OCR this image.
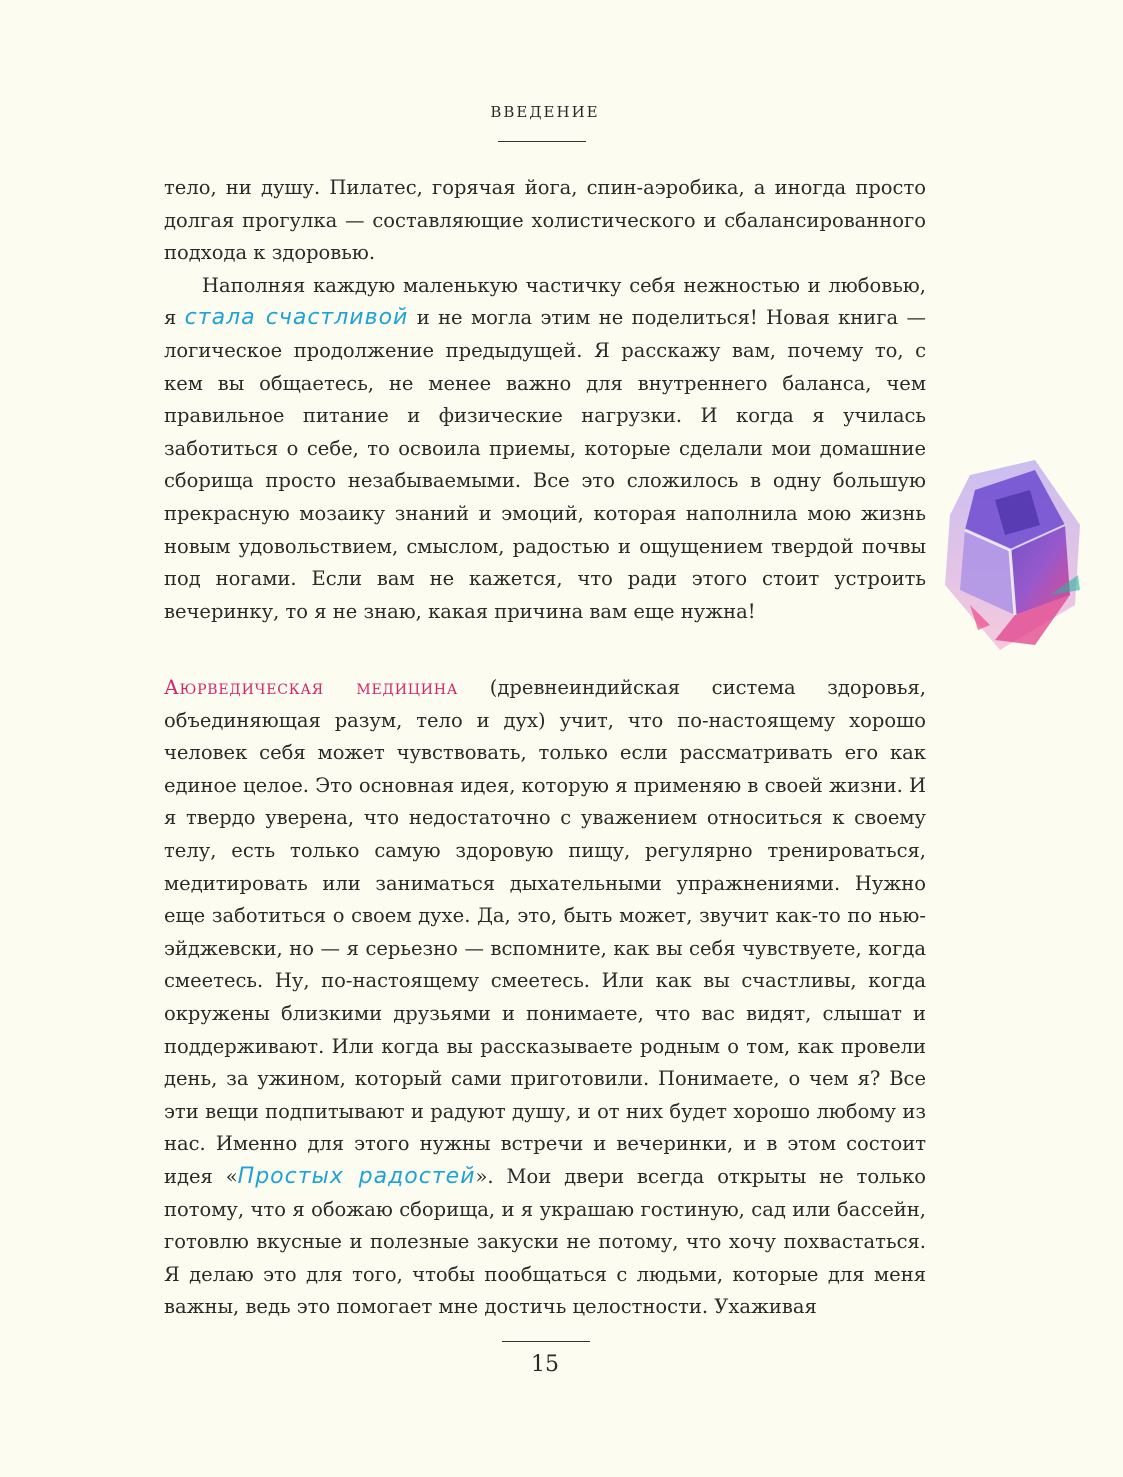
ВВЕДЕНИЕ

тело, ни душу. Пилатес, горячая йога, спин-аэробика, а иногда просто долгая прогулка — составляющие холистического и сбалансированного подхода к здоровью.

Наполняя каждую маленькую частичку себя нежностью и любовью, я стала счастливой и не могла этим не поделиться! Новая книга — логическое продолжение предыдущей. Я расскажу вам, почему то, с кем вы общаетесь, не менее важно для внутреннего баланса, чем правильное питание и физические нагрузки. И когда я училась заботиться о себе, то освоила приемы, которые сделали мои домашние сборища просто незабываемыми. Все это сложилось в одну большую прекрасную мозаику знаний и эмоций, которая наполнила мою жизнь новым удовольствием, смыслом, радостью и ощущением твердой почвы под ногами. Если вам не кажется, что ради этого стоит устроить вечеринку, то я не знаю, какая причина вам еще нужна!

Аюрведическая медицина (древнеиндийская система здоровья, объединяющая разум, тело и дух) учит, что по-настоящему хорошо человек себя может чувствовать, только если рассматривать его как единое целое. Это основная идея, которую я применяю в своей жизни. И я твердо уверена, что недостаточно с уважением относиться к своему телу, есть только самую здоровую пищу, регулярно тренироваться, медитировать или заниматься дыхательными упражнениями. Нужно еще заботиться о своем духе. Да, это, быть может, звучит как-то по нью-эйджевски, но — я серьезно — вспомните, как вы себя чувствуете, когда смеетесь. Ну, по-настоящему смеетесь. Или как вы счастливы, когда окружены близкими друзьями и понимаете, что вас видят, слышат и поддерживают. Или когда вы рассказываете родным о том, как провели день, за ужином, который сами приготовили. Понимаете, о чем я? Все эти вещи подпитывают и радуют душу, и от них будет хорошо любому из нас. Именно для этого нужны встречи и вечеринки, и в этом состоит идея «Простых радостей». Мои двери всегда открыты не только потому, что я обожаю сборища, и я украшаю гостиную, сад или бассейн, готовлю вкусные и полезные закуски не потому, что хочу похвастаться. Я делаю это для того, чтобы пообщаться с людьми, которые для меня важны, ведь это помогает мне достичь целостности. Ухаживая

15
